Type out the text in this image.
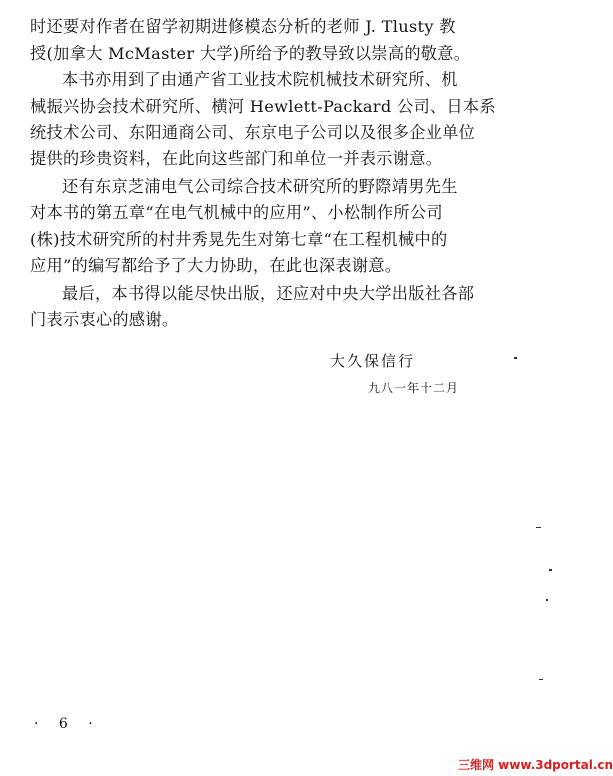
时还要对作者在留学初期进修模态分析的老师 J. Tlusty 教
授(加拿大 McMaster 大学)所给予的教导致以崇高的敬意。
本书亦用到了由通产省工业技术院机械技术研究所、机
械振兴协会技术研究所、横河 Hewlett-Packard 公司、日本系
统技术公司、东阳通商公司、东京电子公司以及很多企业单位
提供的珍贵资料，在此向这些部门和单位一并表示谢意。
还有东京芝浦电气公司综合技术研究所的野際靖男先生
对本书的第五章“在电气机械中的应用”、小松制作所公司
(株)技术研究所的村井秀晃先生对第七章“在工程机械中的
应用”的编写都给予了大力协助，在此也深表谢意。
最后，本书得以能尽快出版，还应对中央大学出版社各部
门表示衷心的感谢。
大久保信行
九八一年十二月
· 6 ·
三维网 www.3dportal.cn
